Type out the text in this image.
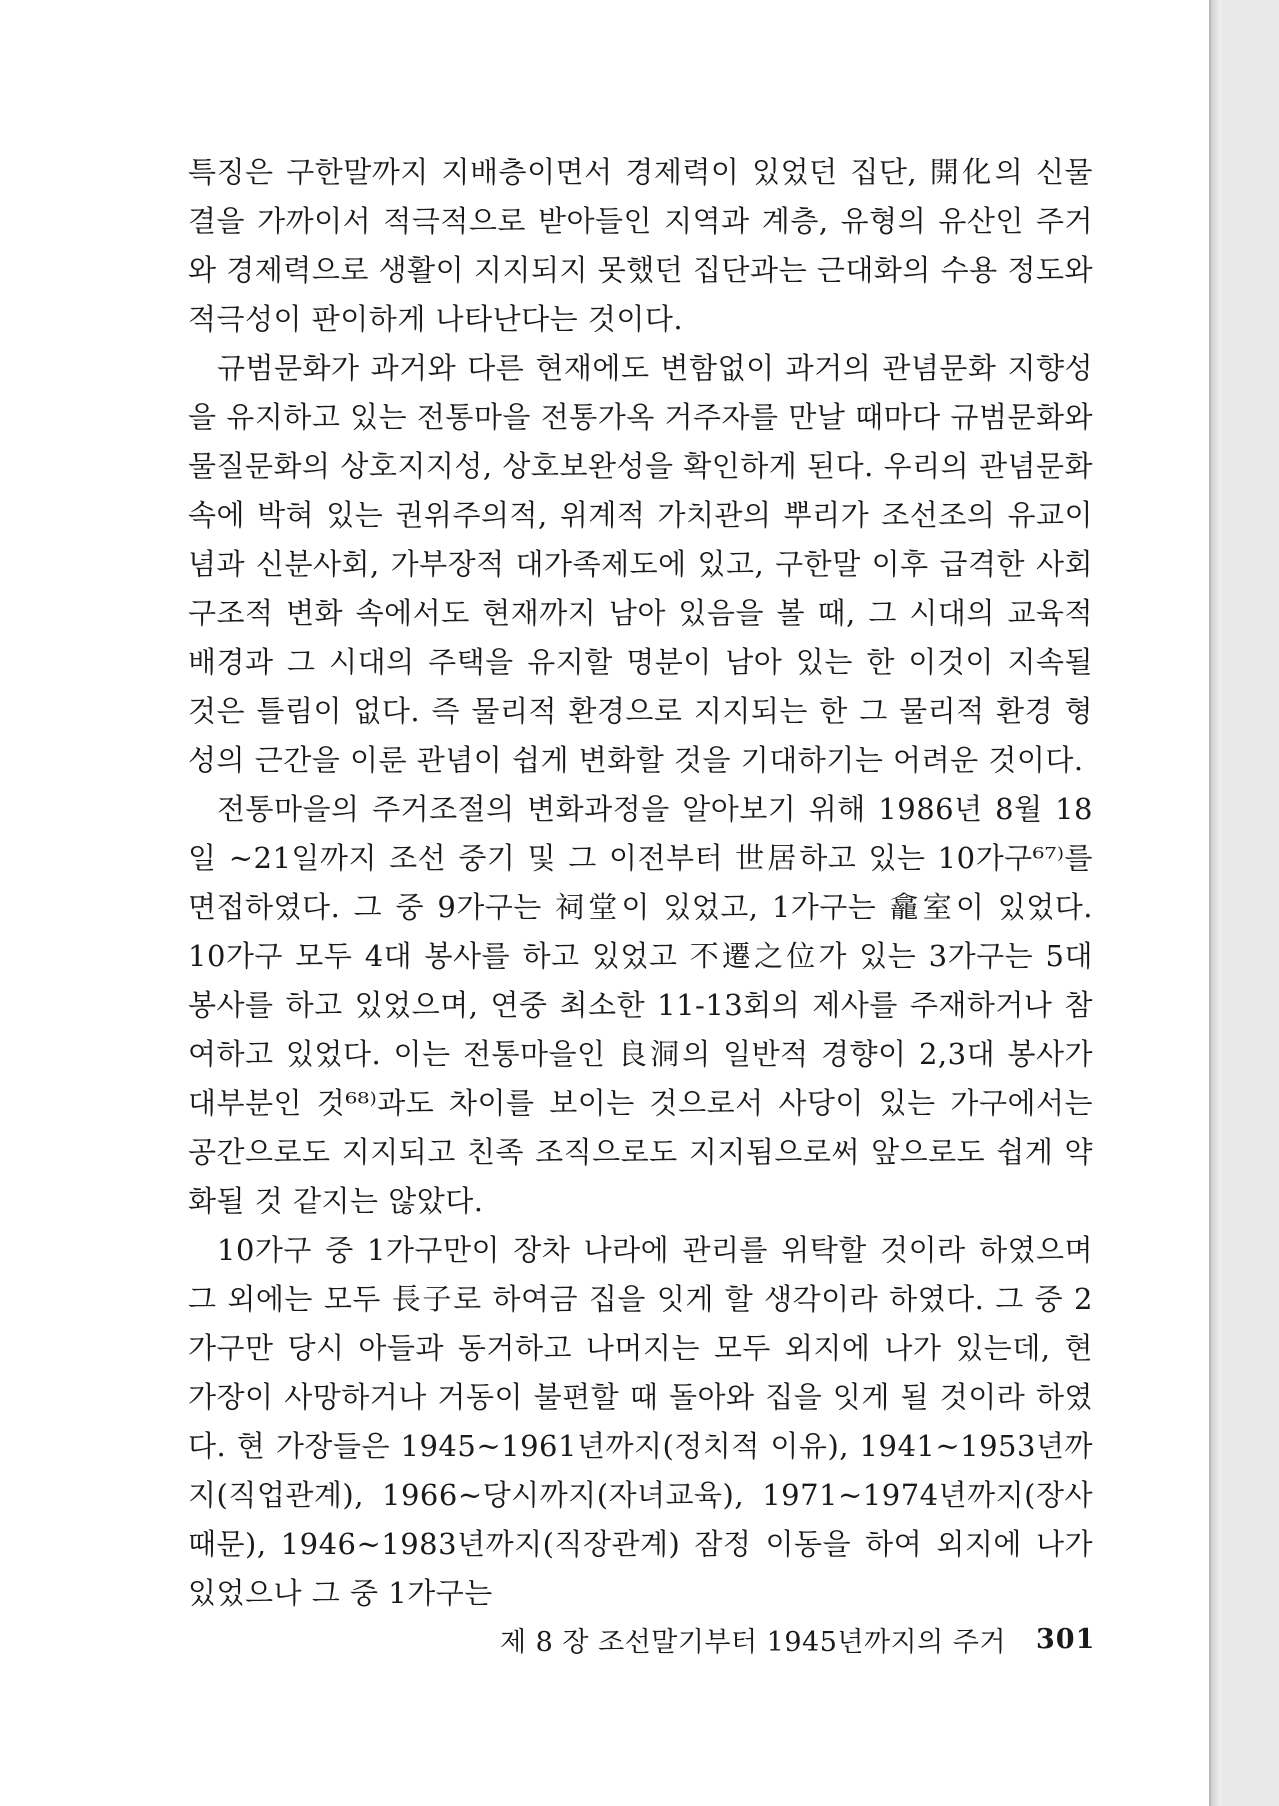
특징은 구한말까지 지배층이면서 경제력이 있었던 집단, 開化의 신물결을 가까이서 적극적으로 받아들인 지역과 계층, 유형의 유산인 주거와 경제력으로 생활이 지지되지 못했던 집단과는 근대화의 수용 정도와 적극성이 판이하게 나타난다는 것이다.

규범문화가 과거와 다른 현재에도 변함없이 과거의 관념문화 지향성을 유지하고 있는 전통마을 전통가옥 거주자를 만날 때마다 규범문화와 물질문화의 상호지지성, 상호보완성을 확인하게 된다. 우리의 관념문화 속에 박혀 있는 권위주의적, 위계적 가치관의 뿌리가 조선조의 유교이념과 신분사회, 가부장적 대가족제도에 있고, 구한말 이후 급격한 사회구조적 변화 속에서도 현재까지 남아 있음을 볼 때, 그 시대의 교육적 배경과 그 시대의 주택을 유지할 명분이 남아 있는 한 이것이 지속될 것은 틀림이 없다. 즉 물리적 환경으로 지지되는 한 그 물리적 환경 형성의 근간을 이룬 관념이 쉽게 변화할 것을 기대하기는 어려운 것이다.

전통마을의 주거조절의 변화과정을 알아보기 위해 1986년 8월 18일 ~21일까지 조선 중기 및 그 이전부터 世居하고 있는 10가구⁶⁷⁾를 면접하였다. 그 중 9가구는 祠堂이 있었고, 1가구는 龕室이 있었다. 10가구 모두 4대 봉사를 하고 있었고 不遷之位가 있는 3가구는 5대 봉사를 하고 있었으며, 연중 최소한 11-13회의 제사를 주재하거나 참여하고 있었다. 이는 전통마을인 良洞의 일반적 경향이 2,3대 봉사가 대부분인 것⁶⁸⁾과도 차이를 보이는 것으로서 사당이 있는 가구에서는 공간으로도 지지되고 친족 조직으로도 지지됨으로써 앞으로도 쉽게 약화될 것 같지는 않았다.

10가구 중 1가구만이 장차 나라에 관리를 위탁할 것이라 하였으며 그 외에는 모두 長子로 하여금 집을 잇게 할 생각이라 하였다. 그 중 2가구만 당시 아들과 동거하고 나머지는 모두 외지에 나가 있는데, 현 가장이 사망하거나 거동이 불편할 때 돌아와 집을 잇게 될 것이라 하였다. 현 가장들은 1945~1961년까지(정치적 이유), 1941~1953년까지(직업관계), 1966~당시까지(자녀교육), 1971~1974년까지(장사 때문), 1946~1983년까지(직장관계) 잠정 이동을 하여 외지에 나가 있었으나 그 중 1가구는

제 8 장 조선말기부터 1945년까지의 주거 301
